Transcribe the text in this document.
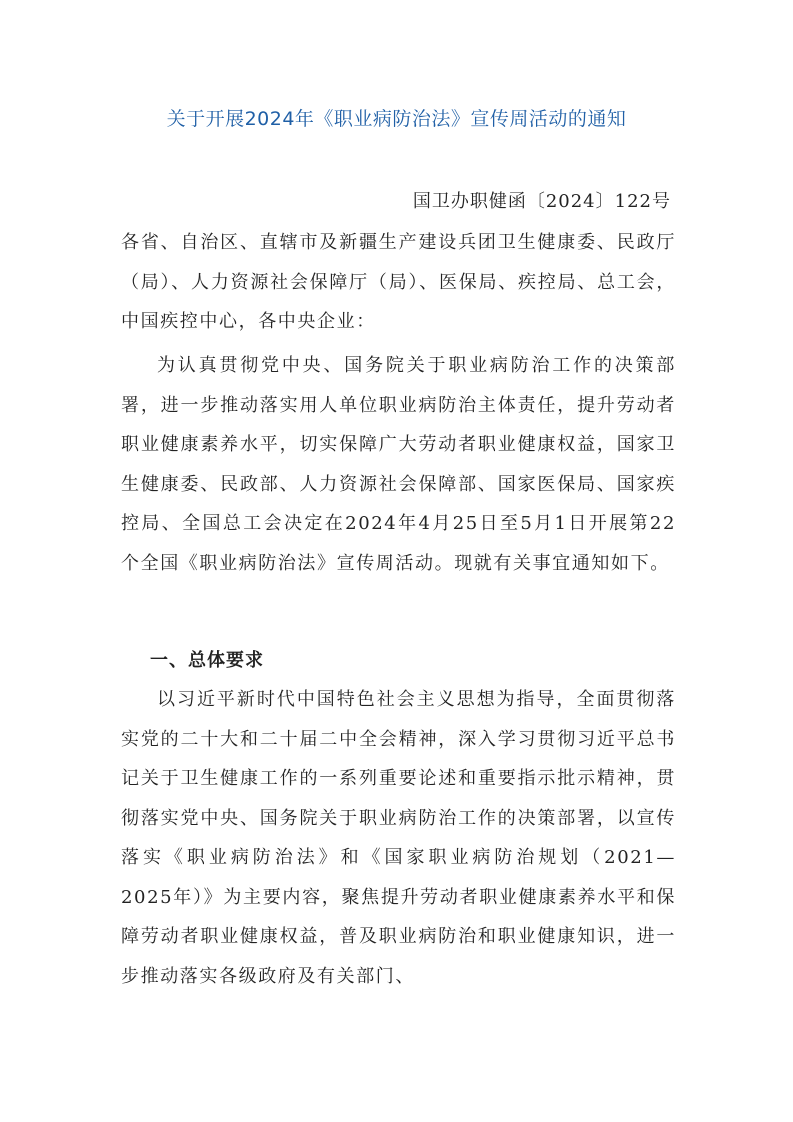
关于开展2024年《职业病防治法》宣传周活动的通知
国卫办职健函〔2024〕122号

各省、自治区、直辖市及新疆生产建设兵团卫生健康委、民政厅（局）、人力资源社会保障厅（局）、医保局、疾控局、总工会，中国疾控中心，各中央企业：

为认真贯彻党中央、国务院关于职业病防治工作的决策部署，进一步推动落实用人单位职业病防治主体责任，提升劳动者职业健康素养水平，切实保障广大劳动者职业健康权益，国家卫生健康委、民政部、人力资源社会保障部、国家医保局、国家疾控局、全国总工会决定在2024年4月25日至5月1日开展第22个全国《职业病防治法》宣传周活动。现就有关事宜通知如下。

一、总体要求

以习近平新时代中国特色社会主义思想为指导，全面贯彻落实党的二十大和二十届二中全会精神，深入学习贯彻习近平总书记关于卫生健康工作的一系列重要论述和重要指示批示精神，贯彻落实党中央、国务院关于职业病防治工作的决策部署，以宣传落实《职业病防治法》和《国家职业病防治规划（2021—2025年）》为主要内容，聚焦提升劳动者职业健康素养水平和保障劳动者职业健康权益，普及职业病防治和职业健康知识，进一步推动落实各级政府及有关部门、
